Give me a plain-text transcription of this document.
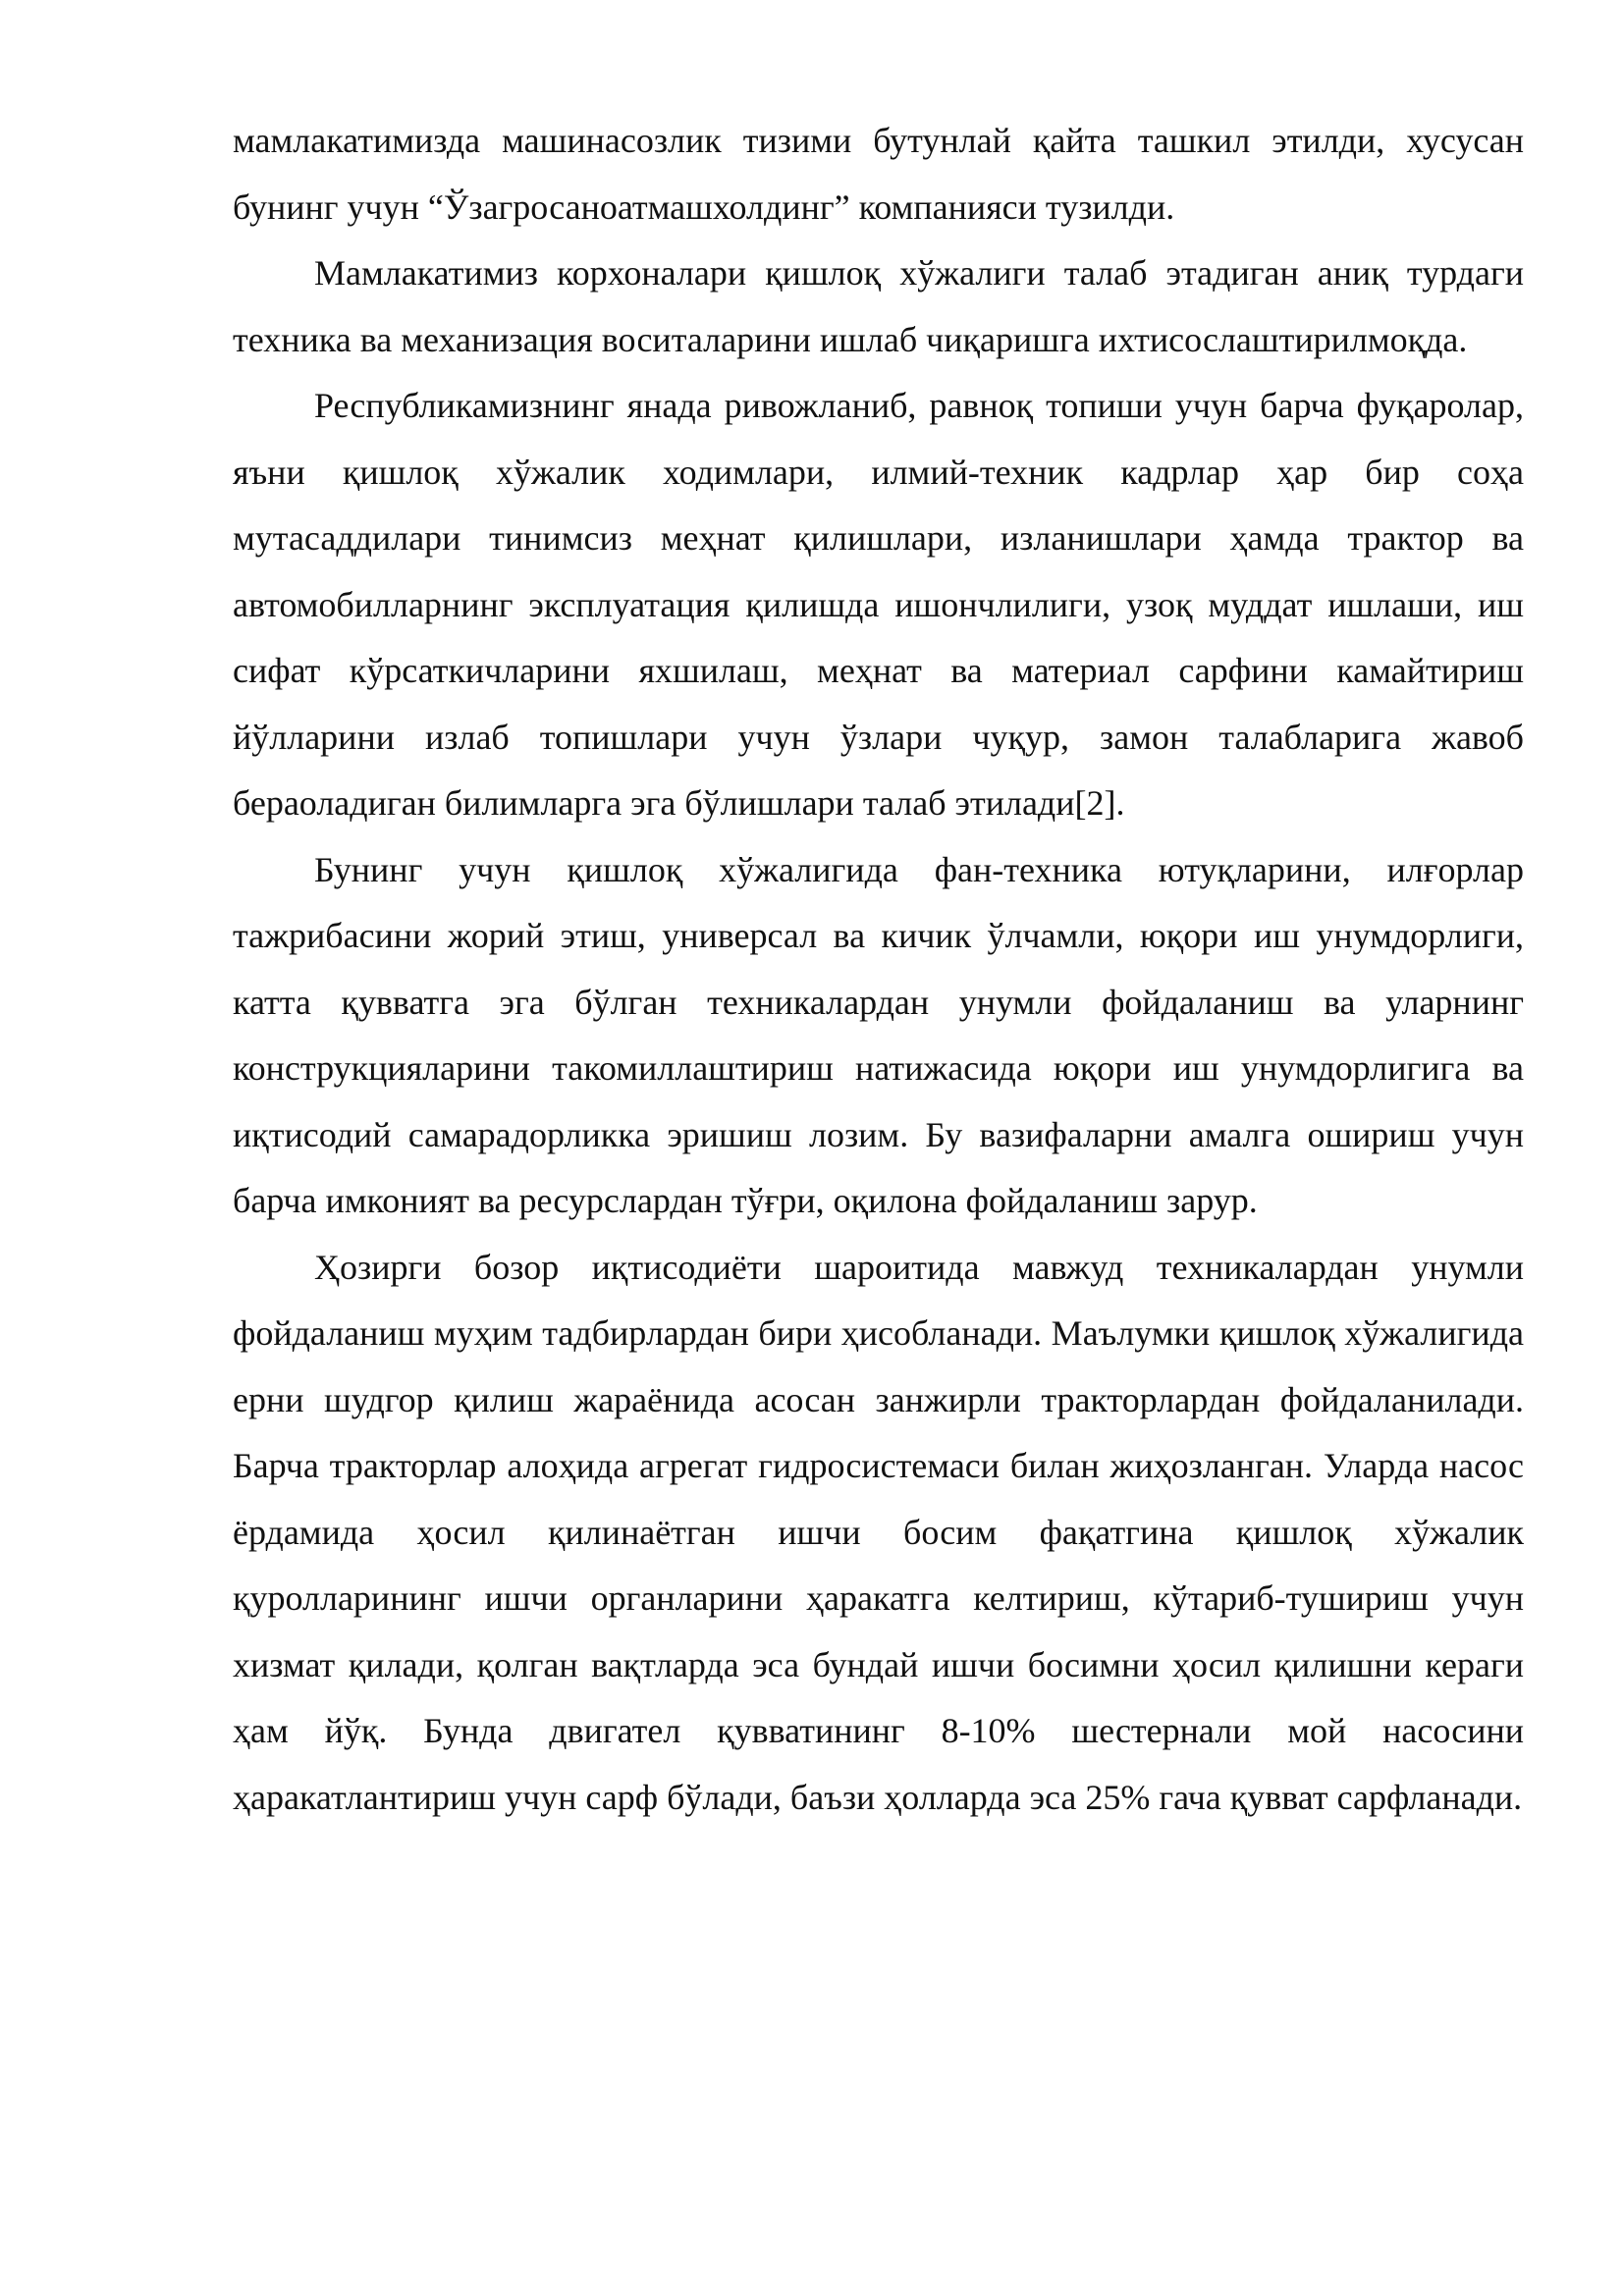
мамлакатимизда машинасозлик тизими бутунлай қайта ташкил этилди, хусусан бунинг учун “Ўзагросаноатмашхолдинг” компанияси тузилди.

Мамлакатимиз корхоналари қишлоқ хўжалиги талаб этадиган аниқ турдаги техника ва механизация воситаларини ишлаб чиқаришга ихтисослаштирилмоқда.

Республикамизнинг янада ривожланиб, равноқ топиши учун барча фуқаролар, яъни қишлоқ хўжалик ходимлари, илмий-техник кадрлар ҳар бир соҳа мутасаддилари тинимсиз меҳнат қилишлари, изланишлари ҳамда трактор ва автомобилларнинг эксплуатация қилишда ишончлилиги, узоқ муддат ишлаши, иш сифат кўрсаткичларини яхшилаш, меҳнат ва материал сарфини камайтириш йўлларини излаб топишлари учун ўзлари чуқур, замон талабларига жавоб бераоладиган билимларга эга бўлишлари талаб этилади[2].

Бунинг учун қишлоқ хўжалигида фан-техника ютуқларини, илғорлар тажрибасини жорий этиш, универсал ва кичик ўлчамли, юқори иш унумдорлиги, катта қувватга эга бўлган техникалардан унумли фойдаланиш ва уларнинг конструкцияларини такомиллаштириш натижасида юқори иш унумдорлигига ва иқтисодий самарадорликка эришиш лозим. Бу вазифаларни амалга ошириш учун барча имконият ва ресурслардан тўғри, оқилона фойдаланиш зарур.

Ҳозирги бозор иқтисодиёти шароитида мавжуд техникалардан унумли фойдаланиш муҳим тадбирлардан бири ҳисобланади. Маълумки қишлоқ хўжалигида ерни шудгор қилиш жараёнида асосан занжирли тракторлардан фойдаланилади. Барча тракторлар алоҳида агрегат гидросистемаси билан жиҳозланган. Уларда насос ёрдамида ҳосил қилинаётган ишчи босим фақатгина қишлоқ хўжалик қуролларининг ишчи органларини ҳаракатга келтириш, кўтариб-тушириш учун хизмат қилади, қолган вақтларда эса бундай ишчи босимни ҳосил қилишни кераги ҳам йўқ. Бунда двигател қувватининг 8-10% шестернали мой насосини ҳаракатлантириш учун сарф бўлади, баъзи ҳолларда эса 25% гача қувват сарфланади.
